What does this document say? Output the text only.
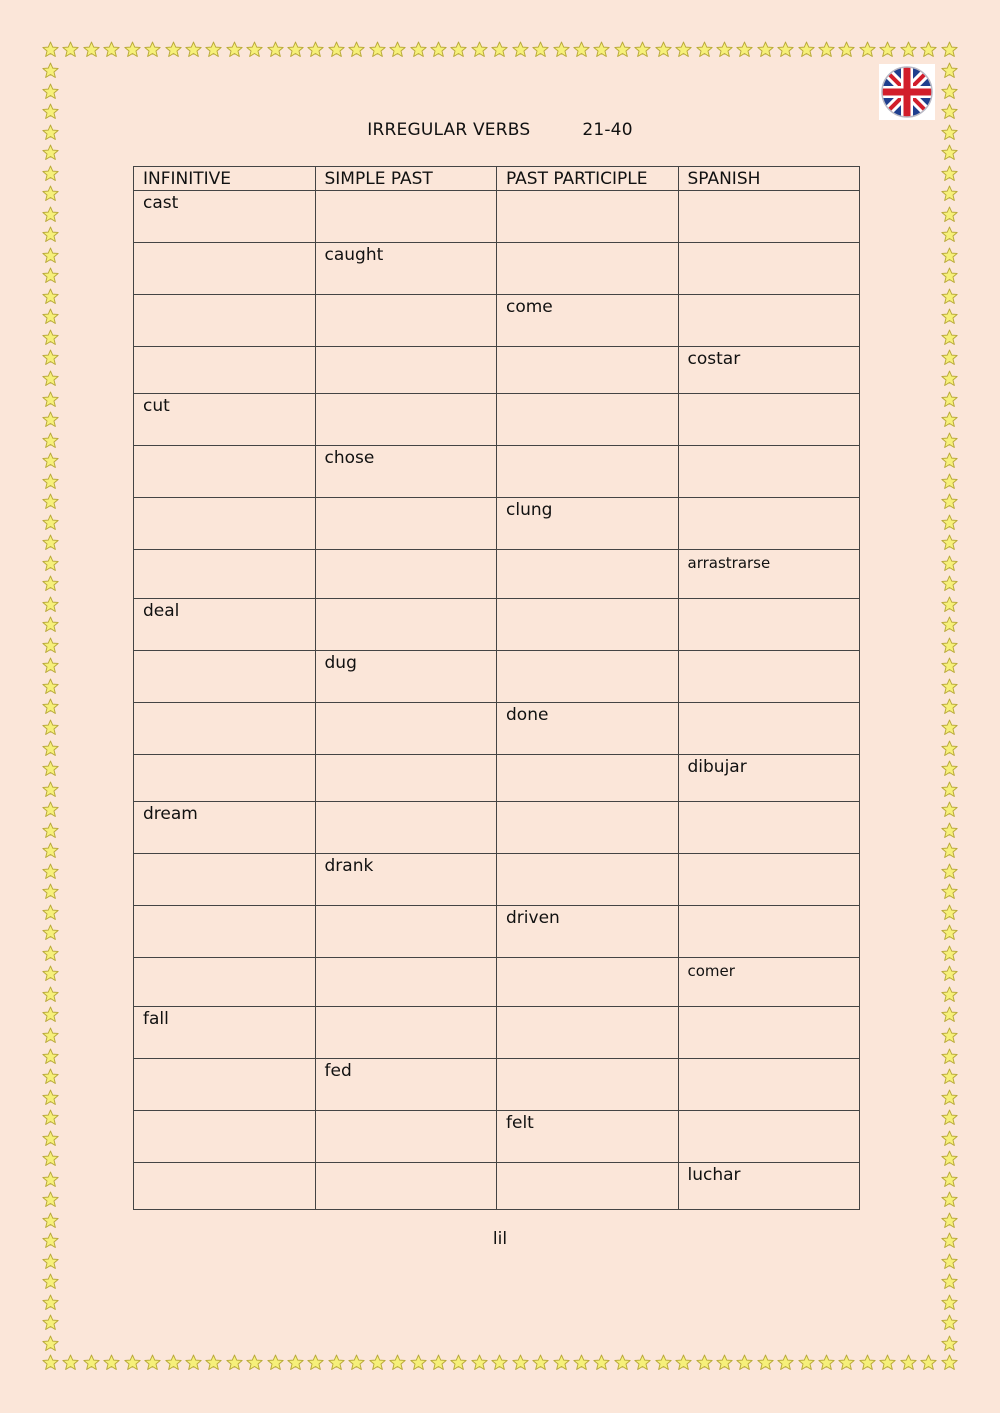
IRREGULAR VERBS	21-40
INFINITIVE	SIMPLE PAST	PAST PARTICIPLE	SPANISH
cast			
	caught		
		come	
			costar
cut			
	chose		
		clung	
			arrastrarse
deal			
	dug		
		done	
			dibujar
dream			
	drank		
		driven	
			comer
fall			
	fed		
		felt	
			luchar
lil
